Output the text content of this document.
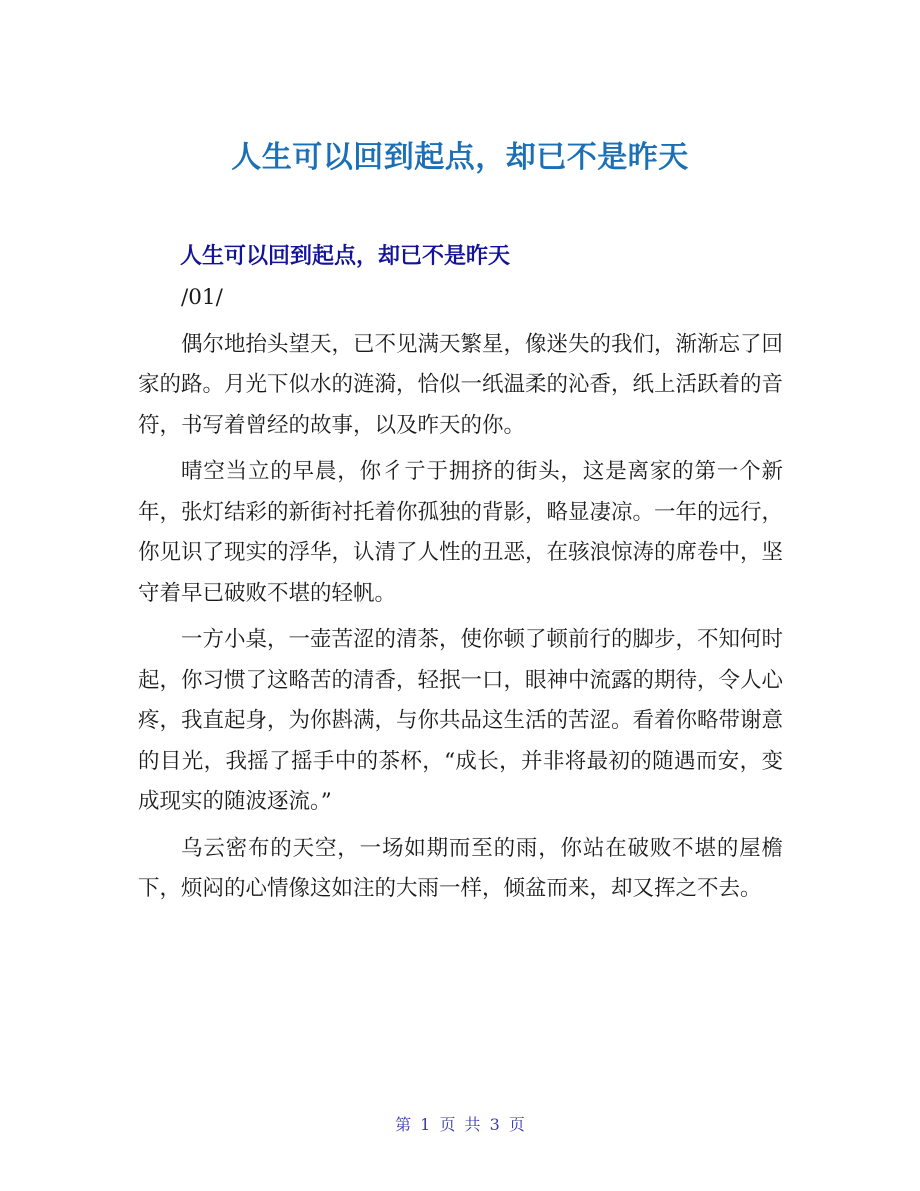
人生可以回到起点，却已不是昨天
人生可以回到起点，却已不是昨天

/01/

偶尔地抬头望天，已不见满天繁星，像迷失的我们，渐渐忘了回家的路。月光下似水的涟漪，恰似一纸温柔的沁香，纸上活跃着的音符，书写着曾经的故事，以及昨天的你。

晴空当立的早晨，你彳亍于拥挤的街头，这是离家的第一个新年，张灯结彩的新街衬托着你孤独的背影，略显凄凉。一年的远行，你见识了现实的浮华，认清了人性的丑恶，在骇浪惊涛的席卷中，坚守着早已破败不堪的轻帆。

一方小桌，一壶苦涩的清茶，使你顿了顿前行的脚步，不知何时起，你习惯了这略苦的清香，轻抿一口，眼神中流露的期待，令人心疼，我直起身，为你斟满，与你共品这生活的苦涩。看着你略带谢意的目光，我摇了摇手中的茶杯，“成长，并非将最初的随遇而安，变成现实的随波逐流。”

乌云密布的天空，一场如期而至的雨，你站在破败不堪的屋檐下，烦闷的心情像这如注的大雨一样，倾盆而来，却又挥之不去。

第 1 页 共 3 页
